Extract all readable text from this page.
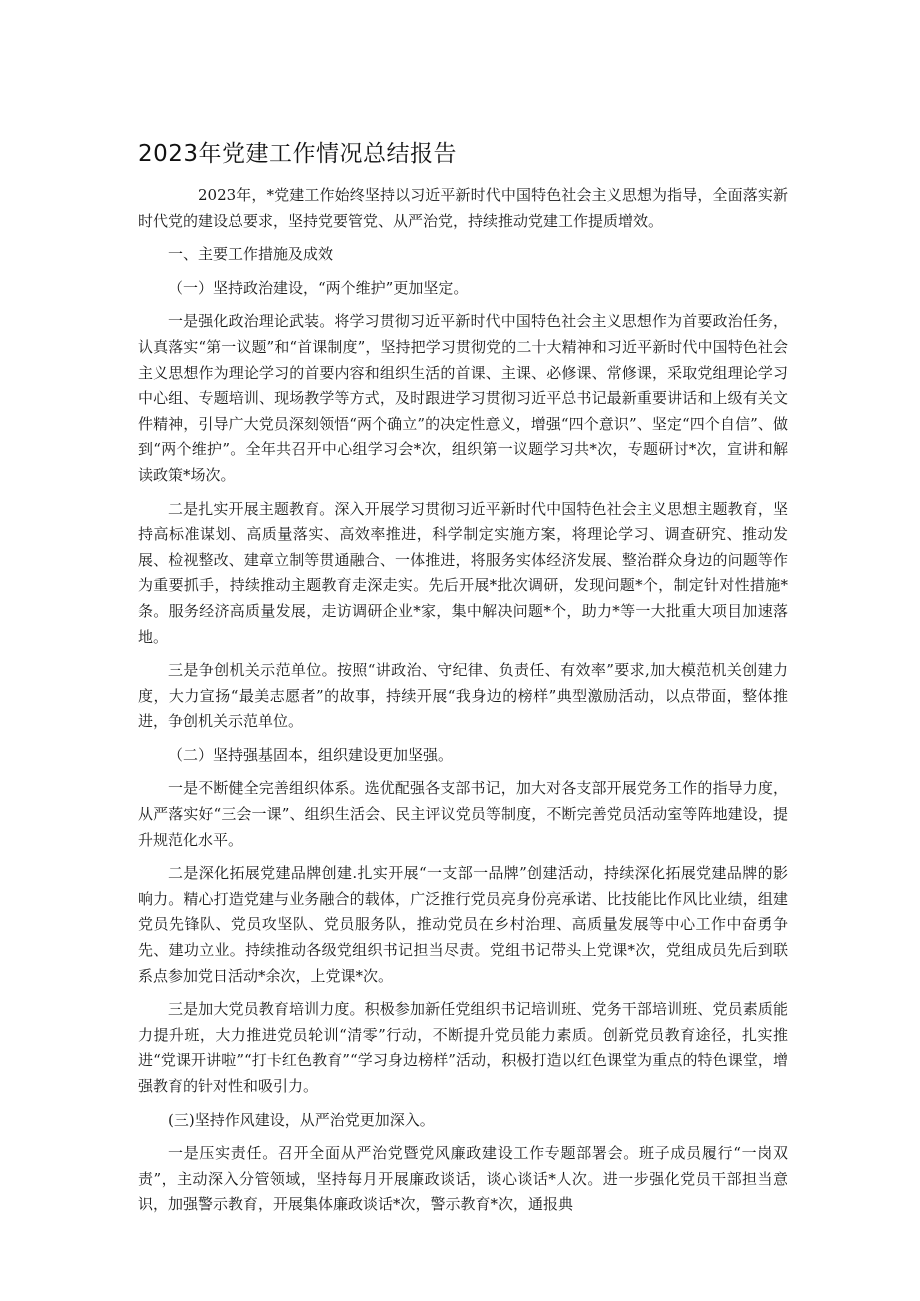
2023年党建工作情况总结报告

2023年，*党建工作始终坚持以习近平新时代中国特色社会主义思想为指导，全面落实新时代党的建设总要求，坚持党要管党、从严治党，持续推动党建工作提质增效。

一、主要工作措施及成效

（一）坚持政治建设，“两个维护”更加坚定。

一是强化政治理论武装。将学习贯彻习近平新时代中国特色社会主义思想作为首要政治任务，认真落实“第一议题”和“首课制度”，坚持把学习贯彻党的二十大精神和习近平新时代中国特色社会主义思想作为理论学习的首要内容和组织生活的首课、主课、必修课、常修课，采取党组理论学习中心组、专题培训、现场教学等方式，及时跟进学习贯彻习近平总书记最新重要讲话和上级有关文件精神，引导广大党员深刻领悟“两个确立”的决定性意义，增强“四个意识”、坚定“四个自信”、做到“两个维护”。全年共召开中心组学习会*次，组织第一议题学习共*次，专题研讨*次，宣讲和解读政策*场次。

二是扎实开展主题教育。深入开展学习贯彻习近平新时代中国特色社会主义思想主题教育，坚持高标准谋划、高质量落实、高效率推进，科学制定实施方案，将理论学习、调查研究、推动发展、检视整改、建章立制等贯通融合、一体推进，将服务实体经济发展、整治群众身边的问题等作为重要抓手，持续推动主题教育走深走实。先后开展*批次调研，发现问题*个，制定针对性措施*条。服务经济高质量发展，走访调研企业*家，集中解决问题*个，助力*等一大批重大项目加速落地。

三是争创机关示范单位。按照“讲政治、守纪律、负责任、有效率”要求,加大模范机关创建力度，大力宣扬“最美志愿者”的故事，持续开展“我身边的榜样”典型激励活动，以点带面，整体推进，争创机关示范单位。

（二）坚持强基固本，组织建设更加坚强。

一是不断健全完善组织体系。选优配强各支部书记，加大对各支部开展党务工作的指导力度，从严落实好“三会一课”、组织生活会、民主评议党员等制度，不断完善党员活动室等阵地建设，提升规范化水平。

二是深化拓展党建品牌创建.扎实开展“一支部一品牌”创建活动，持续深化拓展党建品牌的影响力。精心打造党建与业务融合的载体，广泛推行党员亮身份亮承诺、比技能比作风比业绩，组建党员先锋队、党员攻坚队、党员服务队，推动党员在乡村治理、高质量发展等中心工作中奋勇争先、建功立业。持续推动各级党组织书记担当尽责。党组书记带头上党课*次，党组成员先后到联系点参加党日活动*余次，上党课*次。

三是加大党员教育培训力度。积极参加新任党组织书记培训班、党务干部培训班、党员素质能力提升班，大力推进党员轮训“清零”行动，不断提升党员能力素质。创新党员教育途径，扎实推进“党课开讲啦”“打卡红色教育”“学习身边榜样”活动，积极打造以红色课堂为重点的特色课堂，增强教育的针对性和吸引力。

(三)坚持作风建设，从严治党更加深入。

一是压实责任。召开全面从严治党暨党风廉政建设工作专题部署会。班子成员履行“一岗双责”，主动深入分管领域，坚持每月开展廉政谈话，谈心谈话*人次。进一步强化党员干部担当意识，加强警示教育，开展集体廉政谈话*次，警示教育*次，通报典
